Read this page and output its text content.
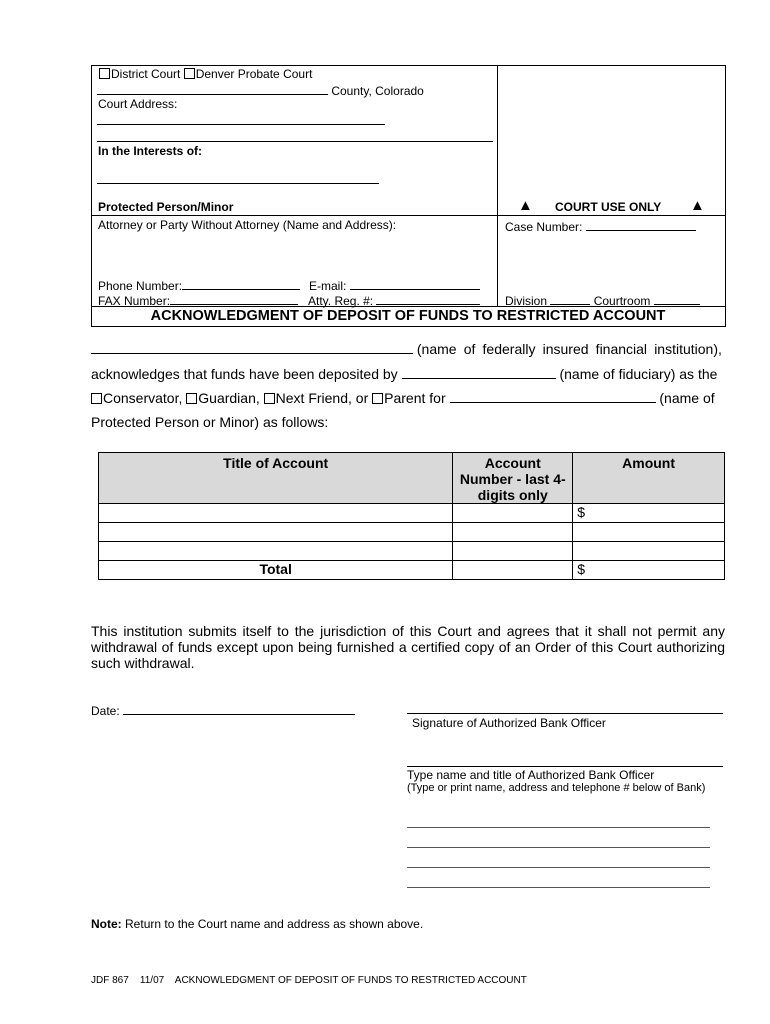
District Court Denver Probate Court
County, Colorado
Court Address:
In the Interests of:
Protected Person/Minor	▲ COURT USE ONLY ▲
Attorney or Party Without Attorney (Name and Address):	Case Number:
Phone Number:	E-mail:
FAX Number:	Atty. Reg. #:	Division	Courtroom
ACKNOWLEDGMENT OF DEPOSIT OF FUNDS TO RESTRICTED ACCOUNT
(name of federally insured financial institution),
acknowledges that funds have been deposited by	(name of fiduciary) as the
Conservator, Guardian, Next Friend, or Parent for	(name of
Protected Person or Minor) as follows:
Title of Account	Account Number - last 4-digits only	Amount
		$

Total		$
This institution submits itself to the jurisdiction of this Court and agrees that it shall not permit any withdrawal of funds except upon being furnished a certified copy of an Order of this Court authorizing such withdrawal.
Date:
Signature of Authorized Bank Officer
Type name and title of Authorized Bank Officer
(Type or print name, address and telephone # below of Bank)
Note: Return to the Court name and address as shown above.
JDF 867 11/07 ACKNOWLEDGMENT OF DEPOSIT OF FUNDS TO RESTRICTED ACCOUNT
